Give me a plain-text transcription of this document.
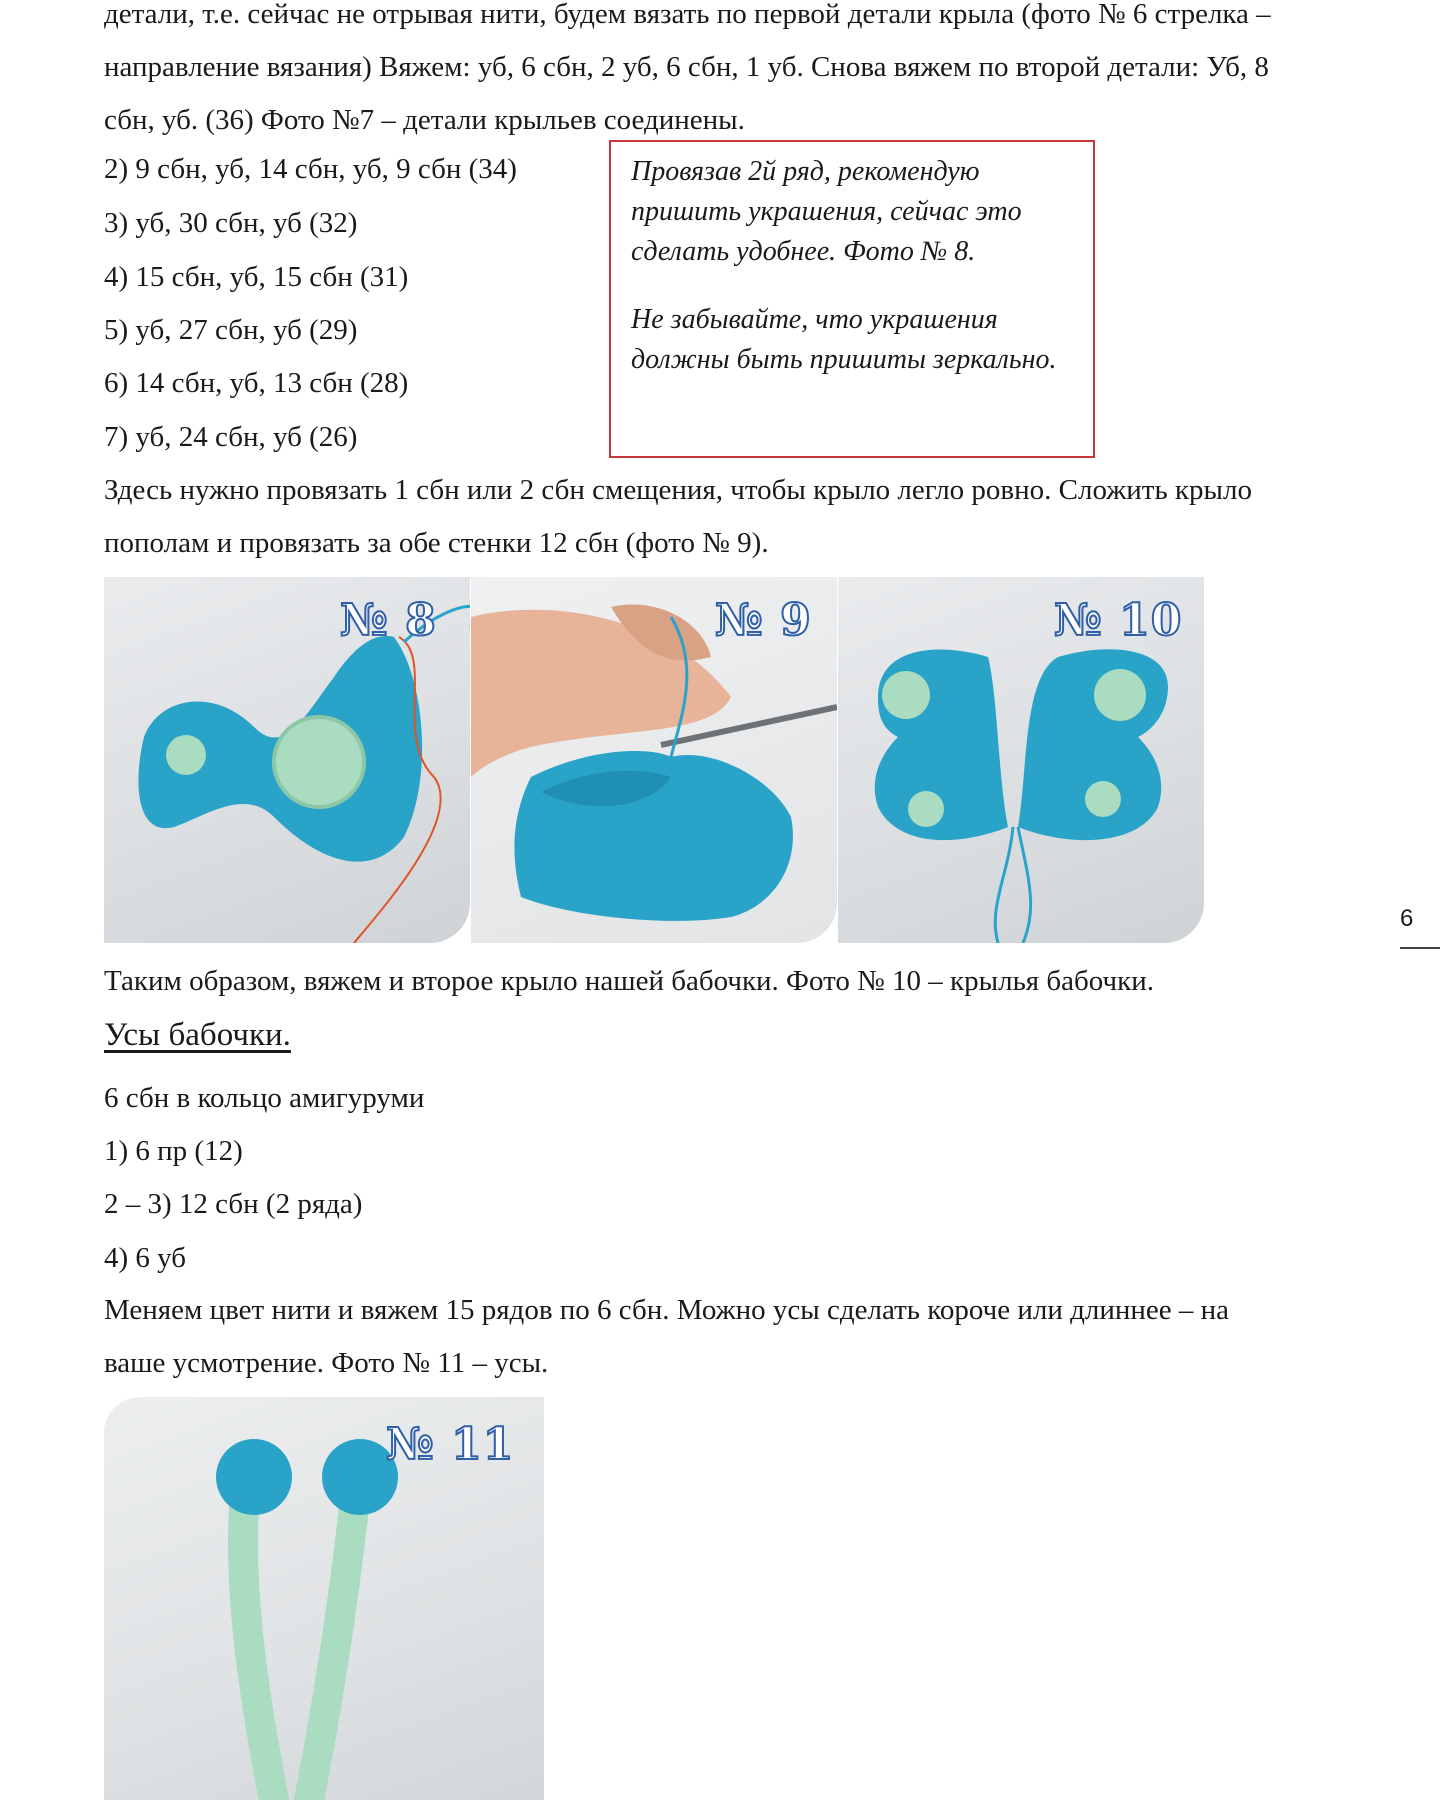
детали, т.е. сейчас не отрывая нити, будем вязать по первой детали крыла (фото № 6 стрелка –
направление вязания) Вяжем: уб, 6 сбн, 2 уб, 6 сбн, 1 уб. Снова вяжем по второй детали: Уб, 8
сбн, уб. (36) Фото №7 – детали крыльев соединены.
2) 9 сбн, уб, 14 сбн, уб, 9 сбн (34)
3) уб, 30 сбн, уб (32)
4) 15 сбн, уб, 15 сбн (31)
5) уб, 27 сбн, уб (29)
6) 14 сбн, уб, 13 сбн (28)
7) уб, 24 сбн, уб (26)

Провязав 2й ряд, рекомендую пришить украшения, сейчас это сделать удобнее. Фото № 8.

Не забывайте, что украшения должны быть пришиты зеркально.

Здесь нужно провязать 1 сбн или 2 сбн смещения, чтобы крыло легло ровно. Сложить крыло
пополам и провязать за обе стенки 12 сбн (фото № 9).
№ 8	№ 9	№ 10
6
Таким образом, вяжем и второе крыло нашей бабочки. Фото № 10 – крылья бабочки.
Усы бабочки.
6 сбн в кольцо амигуруми
1) 6 пр (12)
2 – 3) 12 сбн (2 ряда)
4) 6 уб
Меняем цвет нити и вяжем 15 рядов по 6 сбн. Можно усы сделать короче или длиннее – на
ваше усмотрение. Фото № 11 – усы.
№ 11
